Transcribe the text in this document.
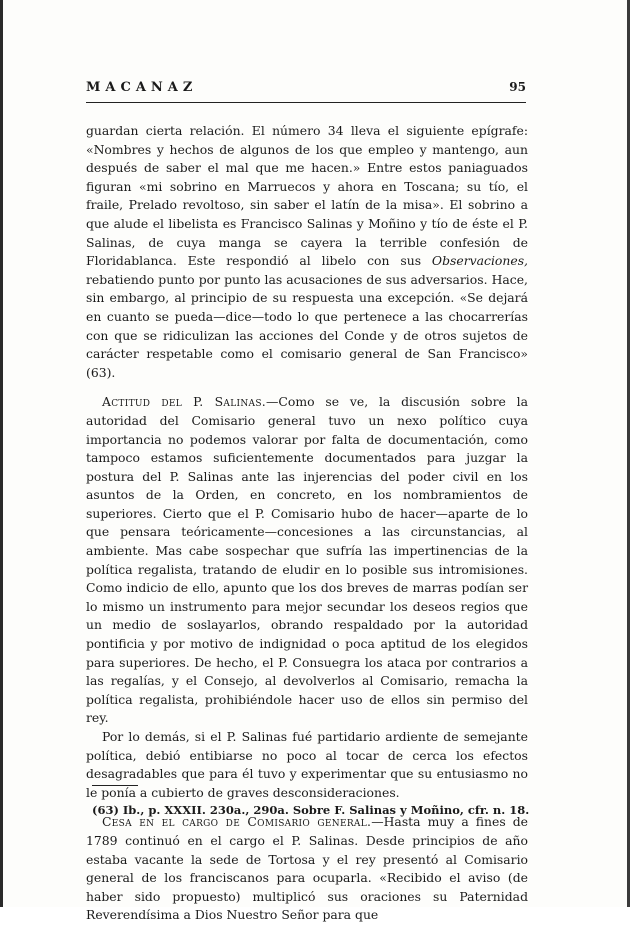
MACANAZ	95

guardan cierta relación. El número 34 lleva el siguiente epígrafe: «Nombres y hechos de algunos de los que empleo y mantengo, aun después de saber el mal que me hacen.» Entre estos paniaguados figuran «mi sobrino en Marruecos y ahora en Toscana; su tío, el fraile, Prelado revoltoso, sin saber el latín de la misa». El sobrino a que alude el libelista es Francisco Salinas y Moñino y tío de éste el P. Salinas, de cuya manga se cayera la terrible confesión de Floridablanca. Este respondió al libelo con sus Observaciones, rebatiendo punto por punto las acusaciones de sus adversarios. Hace, sin embargo, al principio de su respuesta una excepción. «Se dejará en cuanto se pueda—dice—todo lo que pertenece a las chocarrerías con que se ridiculizan las acciones del Conde y de otros sujetos de carácter respetable como el comisario general de San Francisco» (63).

Actitud del P. Salinas.—Como se ve, la discusión sobre la autoridad del Comisario general tuvo un nexo político cuya importancia no podemos valorar por falta de documentación, como tampoco estamos suficientemente documentados para juzgar la postura del P. Salinas ante las injerencias del poder civil en los asuntos de la Orden, en concreto, en los nombramientos de superiores. Cierto que el P. Comisario hubo de hacer—aparte de lo que pensara teóricamente—concesiones a las circunstancias, al ambiente. Mas cabe sospechar que sufría las impertinencias de la política regalista, tratando de eludir en lo posible sus intromisiones. Como indicio de ello, apunto que los dos breves de marras podían ser lo mismo un instrumento para mejor secundar los deseos regios que un medio de soslayarlos, obrando respaldado por la autoridad pontificia y por motivo de indignidad o poca aptitud de los elegidos para superiores. De hecho, el P. Consuegra los ataca por contrarios a las regalías, y el Consejo, al devolverlos al Comisario, remacha la política regalista, prohibiéndole hacer uso de ellos sin permiso del rey.

Por lo demás, si el P. Salinas fué partidario ardiente de semejante política, debió entibiarse no poco al tocar de cerca los efectos desagradables que para él tuvo y experimentar que su entusiasmo no le ponía a cubierto de graves desconsideraciones.

Cesa en el cargo de Comisario general.—Hasta muy a fines de 1789 continuó en el cargo el P. Salinas. Desde principios de año estaba vacante la sede de Tortosa y el rey presentó al Comisario general de los franciscanos para ocuparla. «Recibido el aviso (de haber sido propuesto) multiplicó sus oraciones su Paternidad Reverendísima a Dios Nuestro Señor para que

(63) Ib., p. XXXII. 230a., 290a. Sobre F. Salinas y Moñino, cfr. n. 18.
